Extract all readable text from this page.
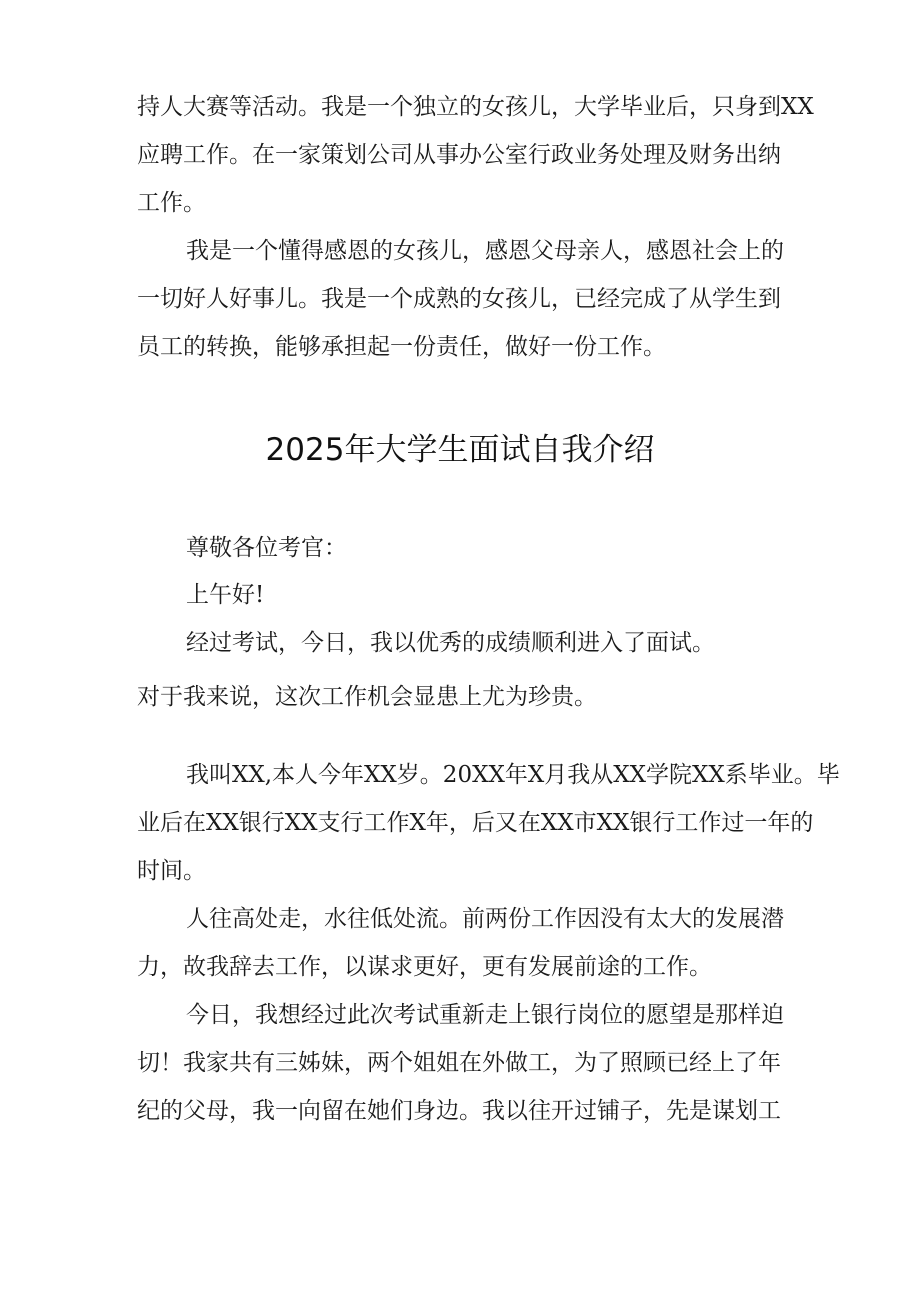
持人大赛等活动。我是一个独立的女孩儿，大学毕业后，只身到XX
应聘工作。在一家策划公司从事办公室行政业务处理及财务出纳
工作。
我是一个懂得感恩的女孩儿，感恩父母亲人，感恩社会上的
一切好人好事儿。我是一个成熟的女孩儿，已经完成了从学生到
员工的转换，能够承担起一份责任，做好一份工作。
2025年大学生面试自我介绍
尊敬各位考官：
上午好!
经过考试，今日，我以优秀的成绩顺利进入了面试。
对于我来说，这次工作机会显患上尤为珍贵。
我叫XX,本人今年XX岁。20XX年X月我从XX学院XX系毕业。毕
业后在XX银行XX支行工作X年，后又在XX市XX银行工作过一年的
时间。
人往高处走，水往低处流。前两份工作因没有太大的发展潜
力，故我辞去工作，以谋求更好，更有发展前途的工作。
今日，我想经过此次考试重新走上银行岗位的愿望是那样迫
切！我家共有三姊妹，两个姐姐在外做工，为了照顾已经上了年
纪的父母，我一向留在她们身边。我以往开过铺子，先是谋划工
